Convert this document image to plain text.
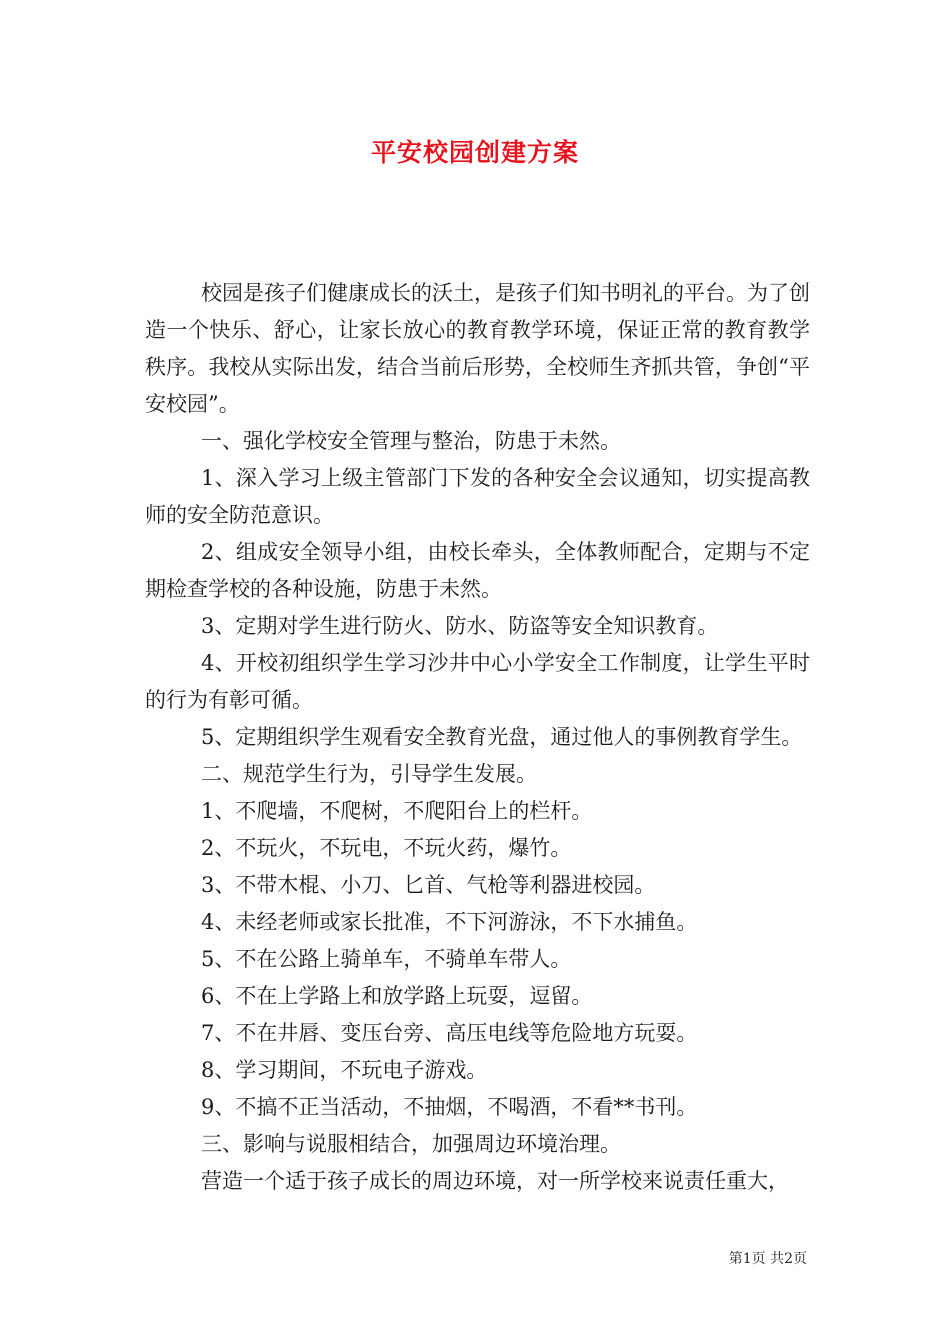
平安校园创建方案

校园是孩子们健康成长的沃土，是孩子们知书明礼的平台。为了创造一个快乐、舒心，让家长放心的教育教学环境，保证正常的教育教学秩序。我校从实际出发，结合当前后形势，全校师生齐抓共管，争创“平安校园”。

一、强化学校安全管理与整治，防患于未然。

1、深入学习上级主管部门下发的各种安全会议通知，切实提高教师的安全防范意识。

2、组成安全领导小组，由校长牵头，全体教师配合，定期与不定期检查学校的各种设施，防患于未然。

3、定期对学生进行防火、防水、防盗等安全知识教育。

4、开校初组织学生学习沙井中心小学安全工作制度，让学生平时的行为有彰可循。

5、定期组织学生观看安全教育光盘，通过他人的事例教育学生。

二、规范学生行为，引导学生发展。

1、不爬墙，不爬树，不爬阳台上的栏杆。

2、不玩火，不玩电，不玩火药，爆竹。

3、不带木棍、小刀、匕首、气枪等利器进校园。

4、未经老师或家长批准，不下河游泳，不下水捕鱼。

5、不在公路上骑单车，不骑单车带人。

6、不在上学路上和放学路上玩耍，逗留。

7、不在井唇、变压台旁、高压电线等危险地方玩耍。

8、学习期间，不玩电子游戏。

9、不搞不正当活动，不抽烟，不喝酒，不看**书刊。

三、影响与说服相结合，加强周边环境治理。

营造一个适于孩子成长的周边环境，对一所学校来说责任重大，

第1页 共2页
